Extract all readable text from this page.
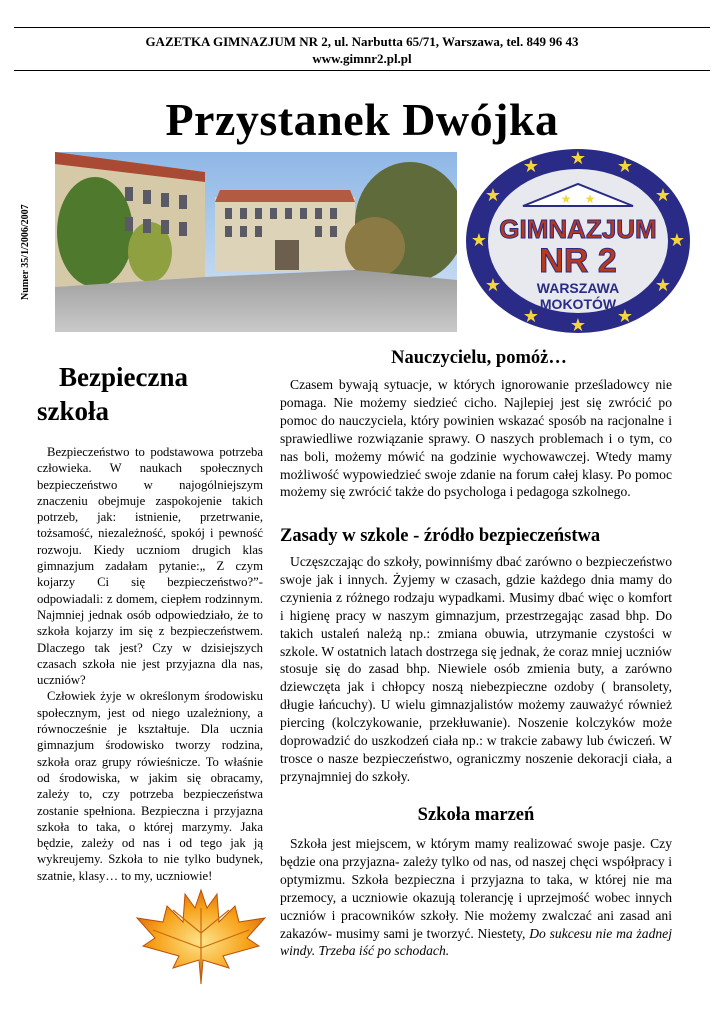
GAZETKA GIMNAZJUM NR 2, ul. Narbutta 65/71, Warszawa, tel. 849 96 43
www.gimnr2.pl.pl
Przystanek Dwójka
Numer 35/1/2006/2007
★
★	★
★	★
★	★
★	★
★	★
★
★ ★
GIMNAZJUM
NR 2
WARSZAWA
MOKOTÓW
Bezpieczna
szkoła

Bezpieczeństwo to podstawowa potrzeba człowieka. W naukach społecznych bezpieczeństwo w najogólniejszym znaczeniu obejmuje zaspokojenie takich potrzeb, jak: istnienie, przetrwanie, tożsamość, niezależność, spokój i pewność rozwoju. Kiedy uczniom drugich klas gimnazjum zadałam pytanie:„ Z czym kojarzy Ci się bezpieczeństwo?”- odpowiadali: z domem, ciepłem rodzinnym. Najmniej jednak osób odpowiedziało, że to szkoła kojarzy im się z bezpieczeństwem. Dlaczego tak jest? Czy w dzisiejszych czasach szkoła nie jest przyjazna dla nas, uczniów?
Człowiek żyje w określonym środowisku społecznym, jest od niego uzależniony, a równocześnie je kształtuje. Dla ucznia gimnazjum środowisko tworzy rodzina, szkoła oraz grupy rówieśnicze. To właśnie od środowiska, w jakim się obracamy, zależy to, czy potrzeba bezpieczeństwa zostanie spełniona. Bezpieczna i przyjazna szkoła to taka, o której marzymy. Jaka będzie, zależy od nas i od tego jak ją wykreujemy. Szkoła to nie tylko budynek, szatnie, klasy… to my, uczniowie!

Nauczycielu, pomóż…

Czasem bywają sytuacje, w których ignorowanie prześladowcy nie pomaga. Nie możemy siedzieć cicho. Najlepiej jest się zwrócić po pomoc do nauczyciela, który powinien wskazać sposób na racjonalne i sprawiedliwe rozwiązanie sprawy. O naszych problemach i o tym, co nas boli, możemy mówić na godzinie wychowawczej. Wtedy mamy możliwość wypowiedzieć swoje zdanie na forum całej klasy. Po pomoc możemy się zwrócić także do psychologa i pedagoga szkolnego.

Zasady w szkole - źródło bezpieczeństwa

Uczęszczając do szkoły, powinniśmy dbać zarówno o bezpieczeństwo swoje jak i innych. Żyjemy w czasach, gdzie każdego dnia mamy do czynienia z różnego rodzaju wypadkami. Musimy dbać więc o komfort i higienę pracy w naszym gimnazjum, przestrzegając zasad bhp. Do takich ustaleń należą np.: zmiana obuwia, utrzymanie czystości w szkole. W ostatnich latach dostrzega się jednak, że coraz mniej uczniów stosuje się do zasad bhp. Niewiele osób zmienia buty, a zarówno dziewczęta jak i chłopcy noszą niebezpieczne ozdoby ( bransolety, długie łańcuchy). U wielu gimnazjalistów możemy zauważyć również piercing (kolczykowanie, przekłuwanie). Noszenie kolczyków może doprowadzić do uszkodzeń ciała np.: w trakcie zabawy lub ćwiczeń. W trosce o nasze bezpieczeństwo, ograniczmy noszenie dekoracji ciała, a przynajmniej do szkoły.

Szkoła marzeń

Szkoła jest miejscem, w którym mamy realizować swoje pasje. Czy będzie ona przyjazna- zależy tylko od nas, od naszej chęci współpracy i optymizmu. Szkoła bezpieczna i przyjazna to taka, w której nie ma przemocy, a uczniowie okazują tolerancję i uprzejmość wobec innych uczniów i pracowników szkoły. Nie możemy zwalczać ani zasad ani zakazów- musimy sami je tworzyć. Niestety, Do sukcesu nie ma żadnej windy. Trzeba iść po schodach.
